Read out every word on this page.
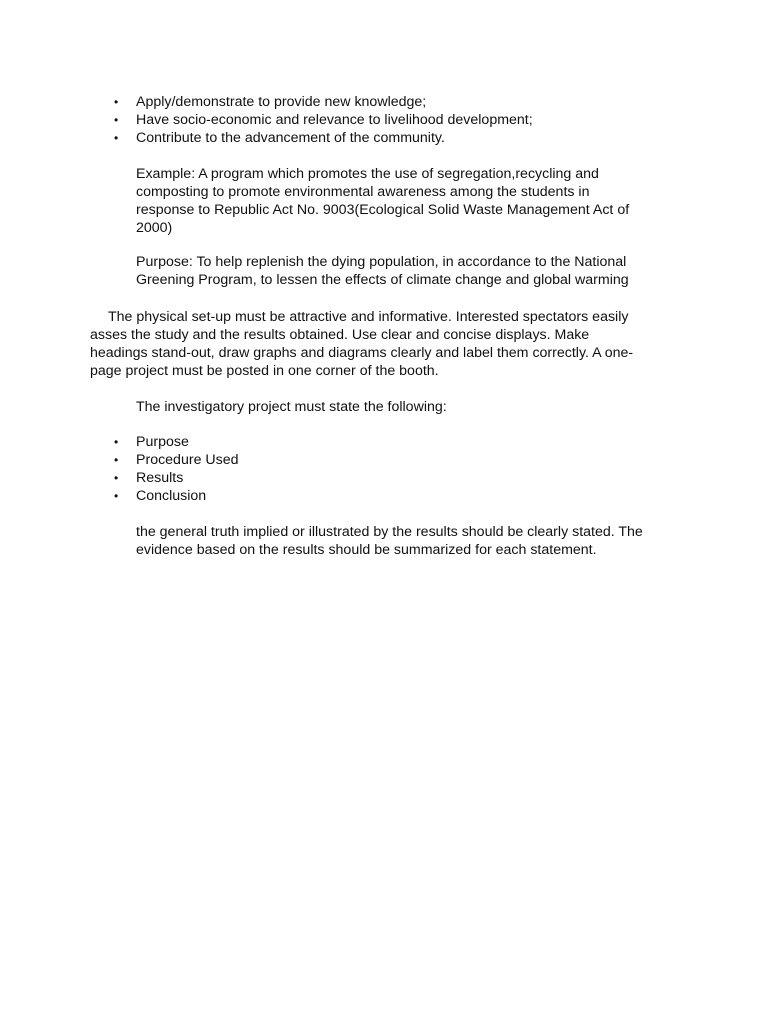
• Apply/demonstrate to provide new knowledge;
• Have socio-economic and relevance to livelihood development;
• Contribute to the advancement of the community.

Example: A program which promotes the use of segregation,recycling and
composting to promote environmental awareness among the students in
response to Republic Act No. 9003(Ecological Solid Waste Management Act of
2000)

Purpose: To help replenish the dying population, in accordance to the National
Greening Program, to lessen the effects of climate change and global warming

The physical set-up must be attractive and informative. Interested spectators easily
asses the study and the results obtained. Use clear and concise displays. Make
headings stand-out, draw graphs and diagrams clearly and label them correctly. A one-
page project must be posted in one corner of the booth.

The investigatory project must state the following:

• Purpose
• Procedure Used
• Results
• Conclusion

the general truth implied or illustrated by the results should be clearly stated. The
evidence based on the results should be summarized for each statement.
